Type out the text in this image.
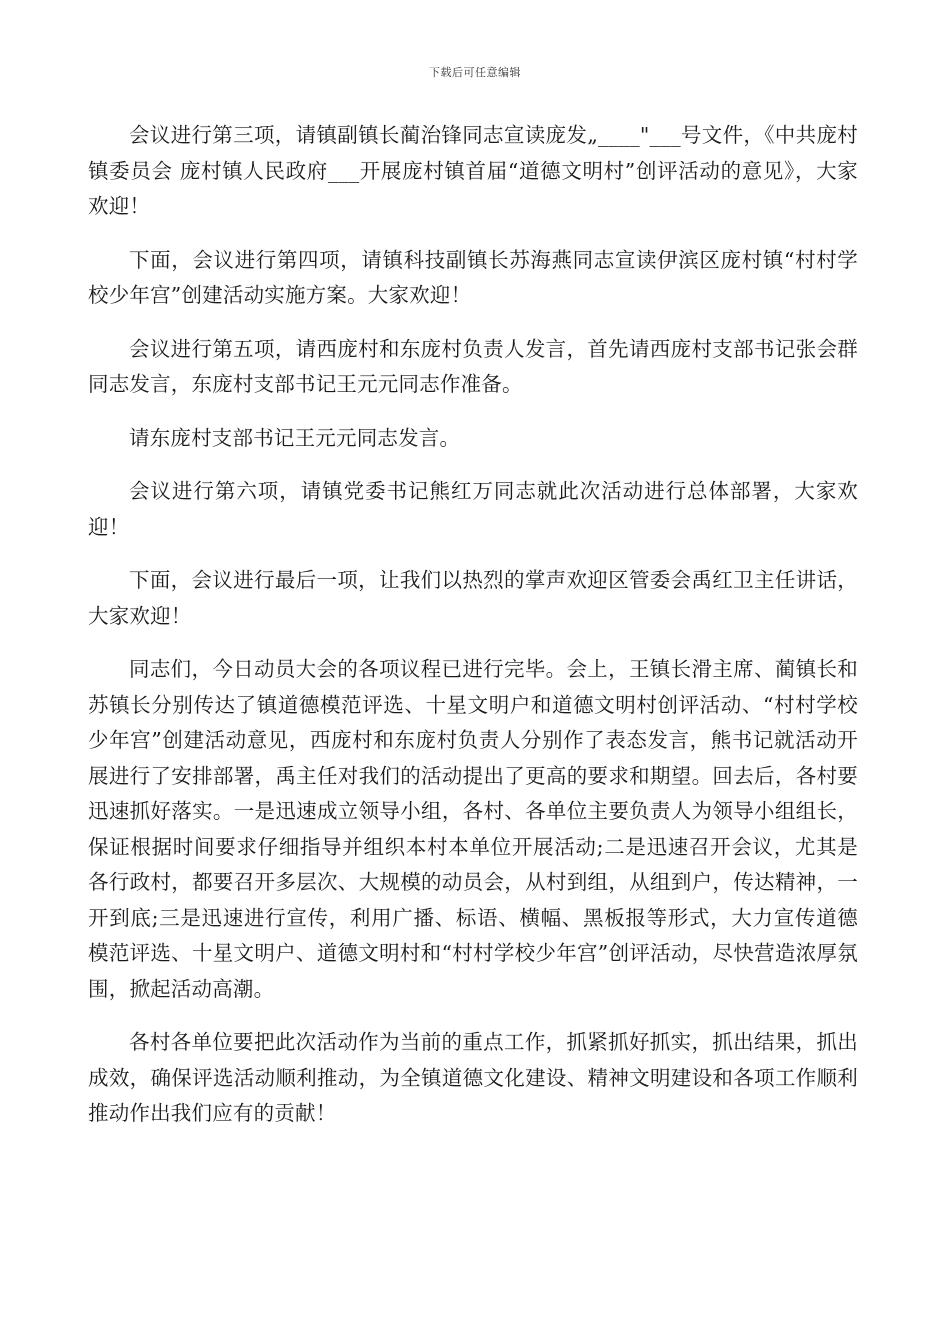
下载后可任意编辑

会议进行第三项，请镇副镇长蔺治锋同志宣读庞发„____"___号文件，《中共庞村镇委员会 庞村镇人民政府___开展庞村镇首届“道德文明村”创评活动的意见》，大家欢迎！

下面，会议进行第四项，请镇科技副镇长苏海燕同志宣读伊滨区庞村镇“村村学校少年宫”创建活动实施方案。大家欢迎！

会议进行第五项，请西庞村和东庞村负责人发言，首先请西庞村支部书记张会群同志发言，东庞村支部书记王元元同志作准备。

请东庞村支部书记王元元同志发言。

会议进行第六项，请镇党委书记熊红万同志就此次活动进行总体部署，大家欢迎！

下面，会议进行最后一项，让我们以热烈的掌声欢迎区管委会禹红卫主任讲话，大家欢迎！

同志们，今日动员大会的各项议程已进行完毕。会上，王镇长滑主席、蔺镇长和苏镇长分别传达了镇道德模范评选、十星文明户和道德文明村创评活动、“村村学校少年宫”创建活动意见，西庞村和东庞村负责人分别作了表态发言，熊书记就活动开展进行了安排部署，禹主任对我们的活动提出了更高的要求和期望。回去后，各村要迅速抓好落实。一是迅速成立领导小组，各村、各单位主要负责人为领导小组组长，保证根据时间要求仔细指导并组织本村本单位开展活动;二是迅速召开会议，尤其是各行政村，都要召开多层次、大规模的动员会，从村到组，从组到户，传达精神，一开到底;三是迅速进行宣传，利用广播、标语、横幅、黑板报等形式，大力宣传道德模范评选、十星文明户、道德文明村和“村村学校少年宫”创评活动，尽快营造浓厚氛围，掀起活动高潮。

各村各单位要把此次活动作为当前的重点工作，抓紧抓好抓实，抓出结果，抓出成效，确保评选活动顺利推动，为全镇道德文化建设、精神文明建设和各项工作顺利推动作出我们应有的贡献！
